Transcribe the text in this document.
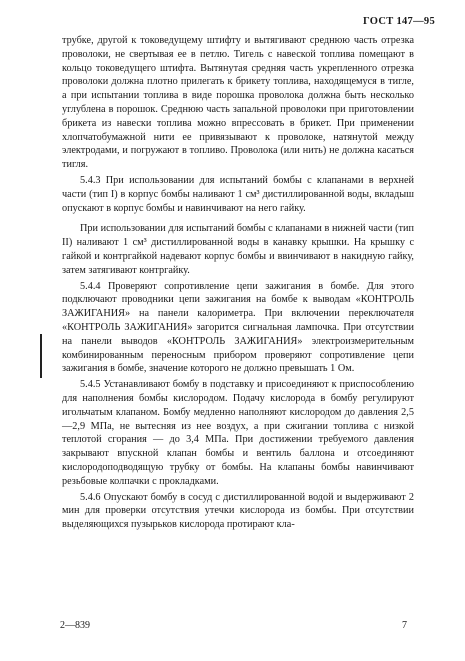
ГОСТ 147—95

трубке, другой к токоведущему штифту и вытягивают среднюю часть отрезка проволоки, не свертывая ее в петлю. Тигель с навеской топлива помещают в кольцо токоведущего штифта. Вытянутая средняя часть укрепленного отрезка проволоки должна плотно прилегать к брикету топлива, находящемуся в тигле, а при испытании топлива в виде порошка проволока должна быть несколько углублена в порошок. Среднюю часть запальной проволоки при приготовлении брикета из навески топлива можно впрессовать в брикет. При применении хлопчатобумажной нити ее привязывают к проволоке, натянутой между электродами, и погружают в топливо. Проволока (или нить) не должна касаться тигля.

5.4.3 При использовании для испытаний бомбы с клапанами в верхней части (тип I) в корпус бомбы наливают 1 см³ дистиллированной воды, вкладыш опускают в корпус бомбы и навинчивают на него гайку.

При использовании для испытаний бомбы с клапанами в нижней части (тип II) наливают 1 см³ дистиллированной воды в канавку крышки. На крышку с гайкой и контргайкой надевают корпус бомбы и ввинчивают в накидную гайку, затем затягивают контргайку.

5.4.4 Проверяют сопротивление цепи зажигания в бомбе. Для этого подключают проводники цепи зажигания на бомбе к выводам «КОНТРОЛЬ ЗАЖИГАНИЯ» на панели калориметра. При включении переключателя «КОНТРОЛЬ ЗАЖИГАНИЯ» загорится сигнальная лампочка. При отсутствии на панели выводов «КОНТРОЛЬ ЗАЖИГАНИЯ» электроизмерительным комбинированным переносным прибором проверяют сопротивление цепи зажигания в бомбе, значение которого не должно превышать 1 Ом.

5.4.5 Устанавливают бомбу в подставку и присоединяют к приспособлению для наполнения бомбы кислородом. Подачу кислорода в бомбу регулируют игольчатым клапаном. Бомбу медленно наполняют кислородом до давления 2,5—2,9 МПа, не вытесняя из нее воздух, а при сжигании топлива с низкой теплотой сгорания — до 3,4 МПа. При достижении требуемого давления закрывают впускной клапан бомбы и вентиль баллона и отсоединяют кислородоподводящую трубку от бомбы. На клапаны бомбы навинчивают резьбовые колпачки с прокладками.

5.4.6 Опускают бомбу в сосуд с дистиллированной водой и выдерживают 2 мин для проверки отсутствия утечки кислорода из бомбы. При отсутствии выделяющихся пузырьков кислорода протирают кла-

2—839	7
